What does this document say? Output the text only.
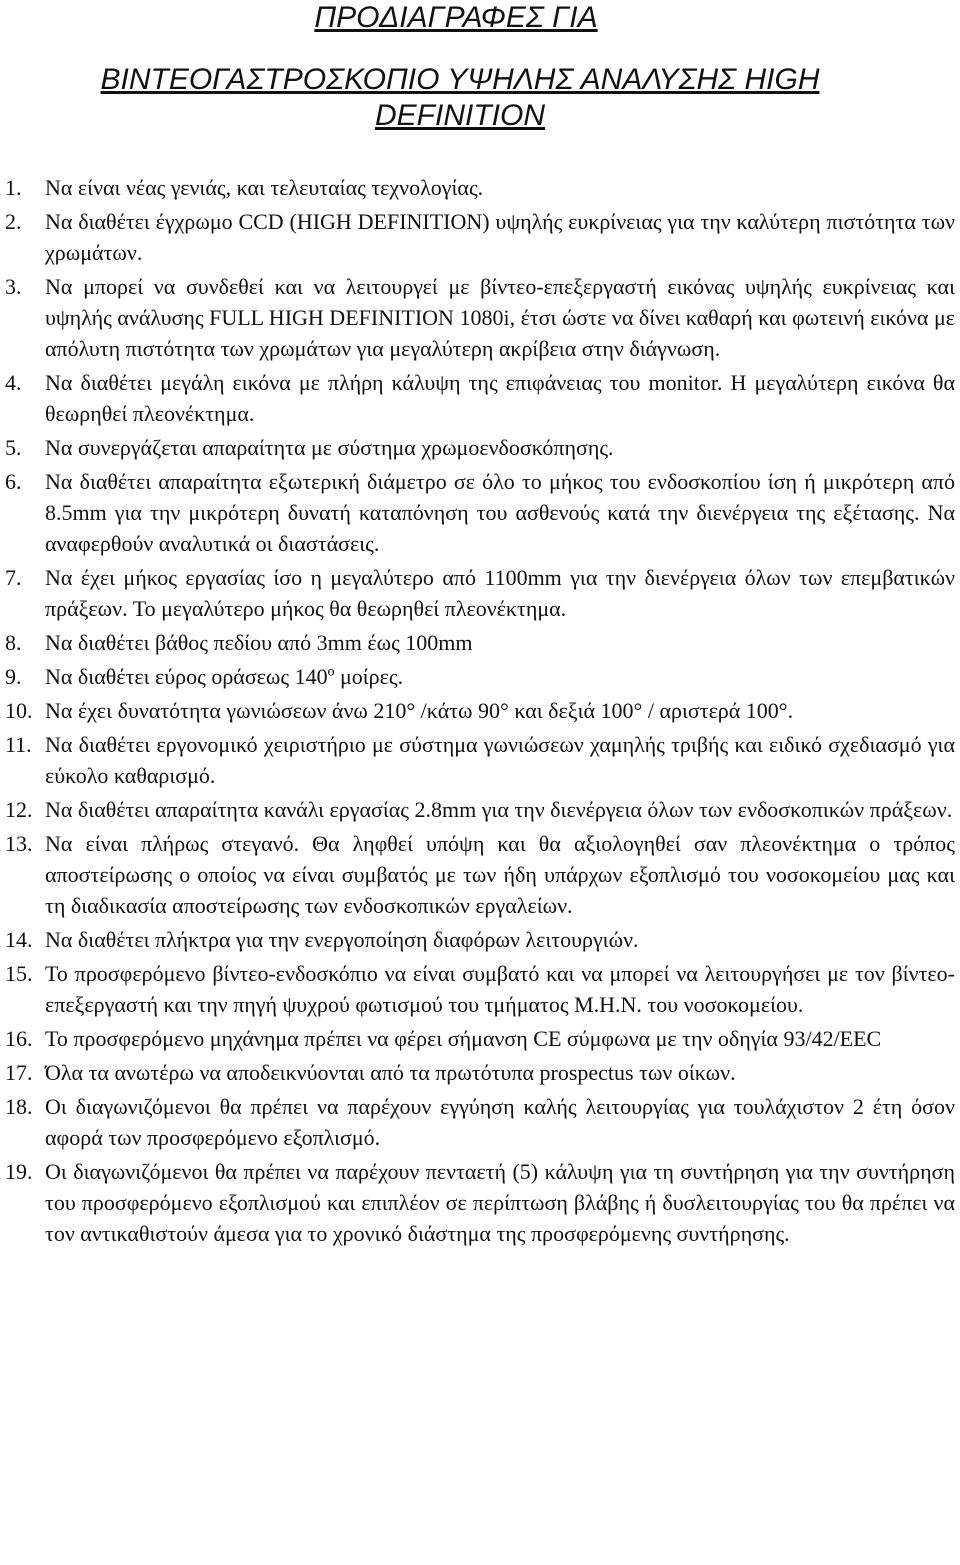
ΠΡΟΔΙΑΓΡΑΦΕΣ ΓΙΑ
ΒΙΝΤΕΟΓΑΣΤΡΟΣΚΟΠΙΟ ΥΨΗΛΗΣ ΑΝΑΛΥΣΗΣ HIGH
DEFINITION
1. Να είναι νέας γενιάς, και τελευταίας τεχνολογίας.
2. Να διαθέτει έγχρωμο CCD (HIGH DEFINITION) υψηλής ευκρίνειας για την καλύτερη πιστότητα των χρωμάτων.
3. Να μπορεί να συνδεθεί και να λειτουργεί με βίντεο-επεξεργαστή εικόνας υψηλής ευκρίνειας και υψηλής ανάλυσης FULL HIGH DEFINITION 1080i, έτσι ώστε να δίνει καθαρή και φωτεινή εικόνα με απόλυτη πιστότητα των χρωμάτων για μεγαλύτερη ακρίβεια στην διάγνωση.
4. Να διαθέτει μεγάλη εικόνα με πλήρη κάλυψη της επιφάνειας του monitor. Η μεγαλύτερη εικόνα θα θεωρηθεί πλεονέκτημα.
5. Να συνεργάζεται απαραίτητα με σύστημα χρωμοενδοσκόπησης.
6. Να διαθέτει απαραίτητα εξωτερική διάμετρο σε όλο το μήκος του ενδοσκοπίου ίση ή μικρότερη από 8.5mm για την μικρότερη δυνατή καταπόνηση του ασθενούς κατά την διενέργεια της εξέτασης. Να αναφερθούν αναλυτικά οι διαστάσεις.
7. Να έχει μήκος εργασίας ίσο η μεγαλύτερο από 1100mm για την διενέργεια όλων των επεμβατικών πράξεων. Το μεγαλύτερο μήκος θα θεωρηθεί πλεονέκτημα.
8. Να διαθέτει βάθος πεδίου από 3mm έως 100mm
9. Να διαθέτει εύρος οράσεως 140º μοίρες.
10. Να έχει δυνατότητα γωνιώσεων άνω 210° /κάτω 90° και δεξιά 100° / αριστερά 100°.
11. Να διαθέτει εργονομικό χειριστήριο με σύστημα γωνιώσεων χαμηλής τριβής και ειδικό σχεδιασμό για εύκολο καθαρισμό.
12. Να διαθέτει απαραίτητα κανάλι εργασίας 2.8mm για την διενέργεια όλων των ενδοσκοπικών πράξεων.
13. Να είναι πλήρως στεγανό. Θα ληφθεί υπόψη και θα αξιολογηθεί σαν πλεονέκτημα ο τρόπος αποστείρωσης ο οποίος να είναι συμβατός με των ήδη υπάρχων εξοπλισμό του νοσοκομείου μας και τη διαδικασία αποστείρωσης των ενδοσκοπικών εργαλείων.
14. Να διαθέτει πλήκτρα για την ενεργοποίηση διαφόρων λειτουργιών.
15. Το προσφερόμενο βίντεο-ενδοσκόπιο να είναι συμβατό και να μπορεί να λειτουργήσει με τον βίντεο-επεξεργαστή και την πηγή ψυχρού φωτισμού του τμήματος Μ.Η.Ν. του νοσοκομείου.
16. Το προσφερόμενο μηχάνημα πρέπει να φέρει σήμανση CE σύμφωνα με την οδηγία 93/42/ΕΕC
17. Όλα τα ανωτέρω να αποδεικνύονται από τα πρωτότυπα prospectus των οίκων.
18. Οι διαγωνιζόμενοι θα πρέπει να παρέχουν εγγύηση καλής λειτουργίας για τουλάχιστον 2 έτη όσον αφορά των προσφερόμενο εξοπλισμό.
19. Οι διαγωνιζόμενοι θα πρέπει να παρέχουν πενταετή (5) κάλυψη για τη συντήρηση για την συντήρηση του προσφερόμενο εξοπλισμού και επιπλέον σε περίπτωση βλάβης ή δυσλειτουργίας του θα πρέπει να τον αντικαθιστούν άμεσα για το χρονικό διάστημα της προσφερόμενης συντήρησης.
